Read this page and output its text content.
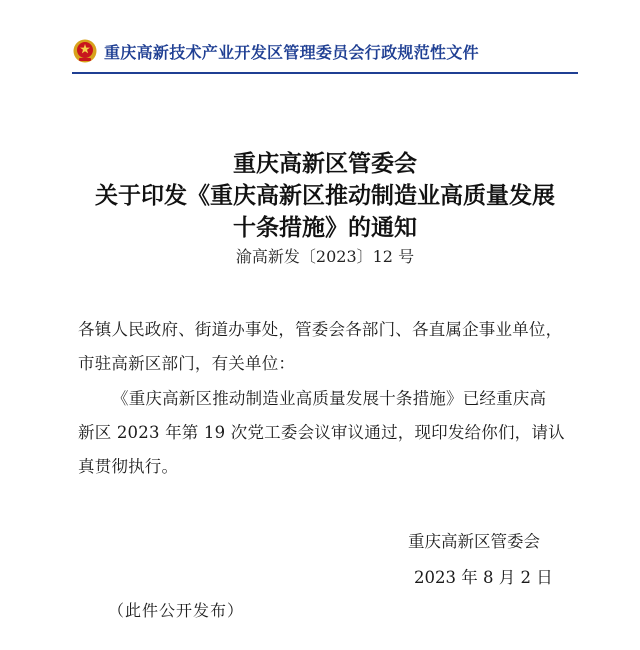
重庆高新技术产业开发区管理委员会行政规范性文件
重庆高新区管委会
关于印发《重庆高新区推动制造业高质量发展
十条措施》的通知
渝高新发〔2023〕12 号
各镇人民政府、街道办事处，管委会各部门、各直属企事业单位，
市驻高新区部门，有关单位：
《重庆高新区推动制造业高质量发展十条措施》已经重庆高
新区 2023 年第 19 次党工委会议审议通过，现印发给你们，请认
真贯彻执行。
重庆高新区管委会
2023 年 8 月 2 日
（此件公开发布）
